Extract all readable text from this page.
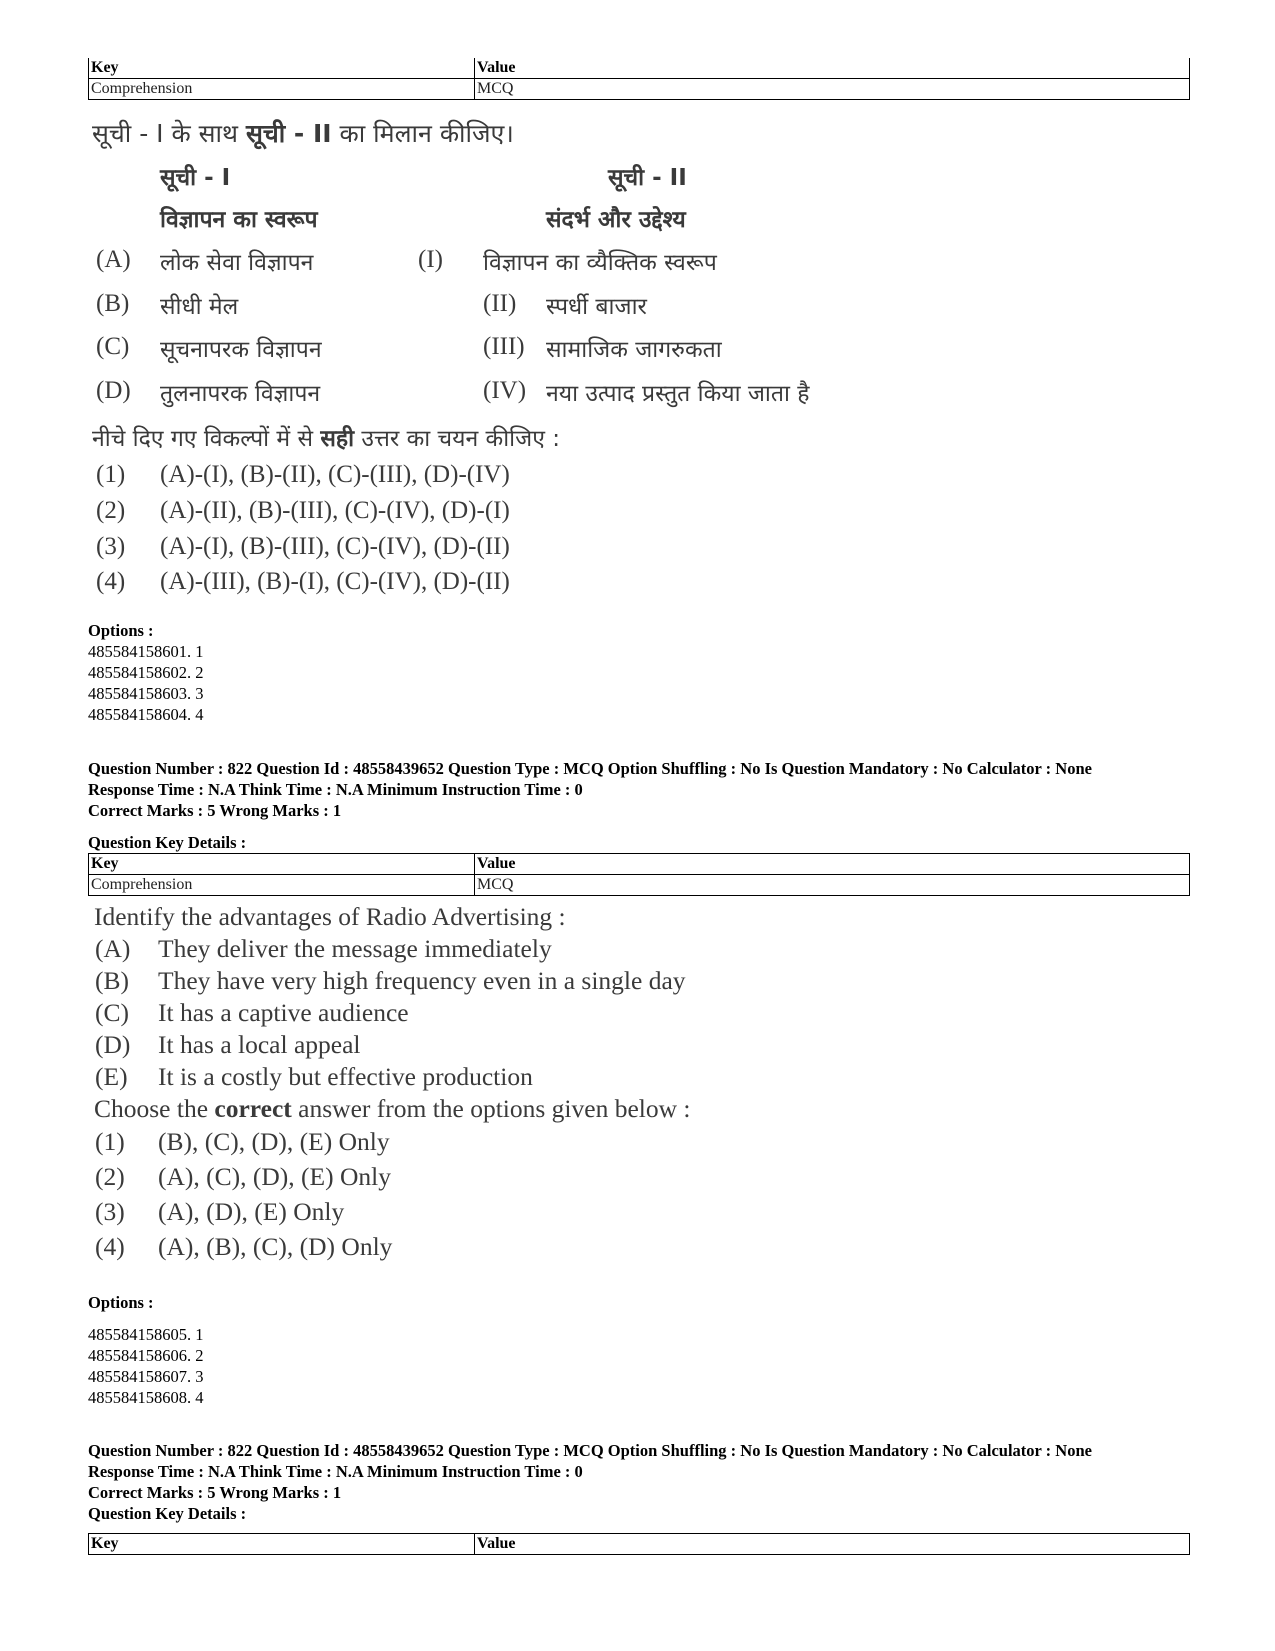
Key	Value
Comprehension	MCQ
सूची - I के साथ सूची - II का मिलान कीजिए।
सूची - I	सूची - II
विज्ञापन का स्वरूप	संदर्भ और उद्देश्य
(A) लोक सेवा विज्ञापन	(I) विज्ञापन का व्यैक्तिक स्वरूप
(B) सीधी मेल	(II) स्पर्धी बाजार
(C) सूचनापरक विज्ञापन	(III) सामाजिक जागरुकता
(D) तुलनापरक विज्ञापन	(IV) नया उत्पाद प्रस्तुत किया जाता है
नीचे दिए गए विकल्पों में से सही उत्तर का चयन कीजिए :
(1) (A)-(I), (B)-(II), (C)-(III), (D)-(IV)
(2) (A)-(II), (B)-(III), (C)-(IV), (D)-(I)
(3) (A)-(I), (B)-(III), (C)-(IV), (D)-(II)
(4) (A)-(III), (B)-(I), (C)-(IV), (D)-(II)
Options :
485584158601. 1
485584158602. 2
485584158603. 3
485584158604. 4
Question Number : 822 Question Id : 48558439652 Question Type : MCQ Option Shuffling : No Is Question Mandatory : No Calculator : None
Response Time : N.A Think Time : N.A Minimum Instruction Time : 0
Correct Marks : 5 Wrong Marks : 1
Question Key Details :
Key	Value
Comprehension	MCQ
Identify the advantages of Radio Advertising :
(A) They deliver the message immediately
(B) They have very high frequency even in a single day
(C) It has a captive audience
(D) It has a local appeal
(E) It is a costly but effective production
Choose the correct answer from the options given below :
(1) (B), (C), (D), (E) Only
(2) (A), (C), (D), (E) Only
(3) (A), (D), (E) Only
(4) (A), (B), (C), (D) Only
Options :
485584158605. 1
485584158606. 2
485584158607. 3
485584158608. 4
Question Number : 822 Question Id : 48558439652 Question Type : MCQ Option Shuffling : No Is Question Mandatory : No Calculator : None
Response Time : N.A Think Time : N.A Minimum Instruction Time : 0
Correct Marks : 5 Wrong Marks : 1
Question Key Details :
Key	Value
